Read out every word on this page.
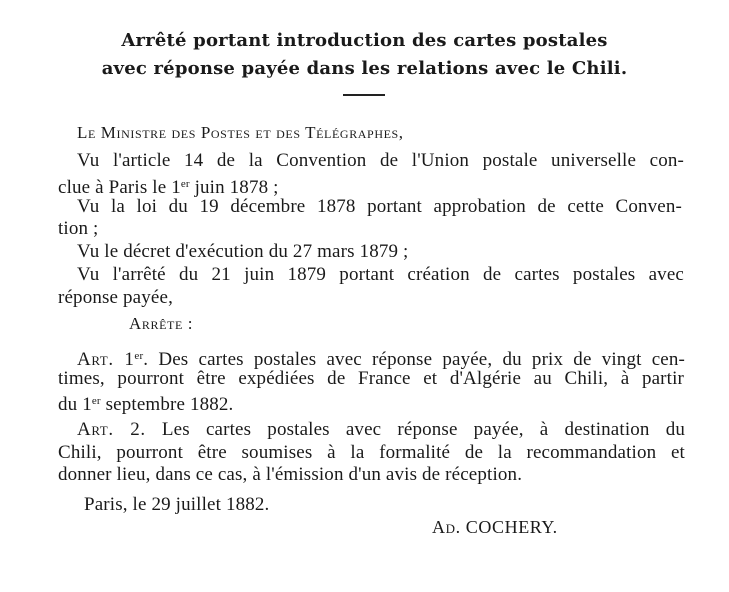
Arrêté portant introduction des cartes postales
avec réponse payée dans les relations avec le Chili.
Le Ministre des Postes et des Télégraphes,
Vu l'article 14 de la Convention de l'Union postale universelle con-
clue à Paris le 1er juin 1878 ;
Vu la loi du 19 décembre 1878 portant approbation de cette Conven-
tion ;
Vu le décret d'exécution du 27 mars 1879 ;
Vu l'arrêté du 21 juin 1879 portant création de cartes postales avec
réponse payée,
Arrête :
Art. 1er. Des cartes postales avec réponse payée, du prix de vingt cen-
times, pourront être expédiées de France et d'Algérie au Chili, à partir
du 1er septembre 1882.
Art. 2. Les cartes postales avec réponse payée, à destination du
Chili, pourront être soumises à la formalité de la recommandation et
donner lieu, dans ce cas, à l'émission d'un avis de réception.
Paris, le 29 juillet 1882.
Ad. COCHERY.
